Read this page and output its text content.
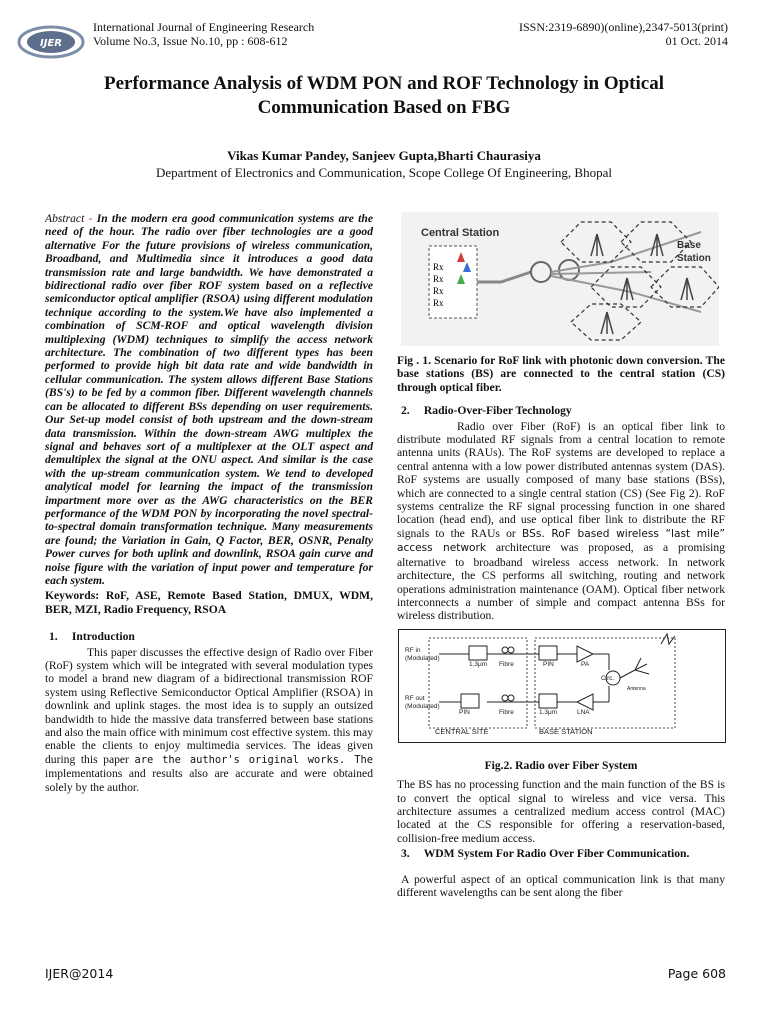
IJER
International Journal of Engineering Research
Volume No.3, Issue No.10, pp : 608-612
ISSN:2319-6890)(online),2347-5013(print)
01 Oct. 2014
Performance Analysis of WDM PON and ROF Technology in Optical Communication Based on FBG
Vikas Kumar Pandey, Sanjeev Gupta,Bharti Chaurasiya
Department of Electronics and Communication, Scope College Of Engineering, Bhopal

Abstract - In the modern era good communication systems are the need of the hour. The radio over fiber technologies are a good alternative For the future provisions of wireless communication, Broadband, and Multimedia since it introduces a good data transmission rate and large bandwidth. We have demonstrated a bidirectional radio over fiber ROF system based on a reflective semiconductor optical amplifier (RSOA) using different modulation technique according to the system.We have also implemented a combination of SCM-ROF and optical wavelength division multiplexing (WDM) techniques to simplify the access network architecture. The combination of two different types has been performed to provide high bit data rate and wide bandwidth in cellular communication. The system allows different Base Stations (BS's) to be fed by a common fiber. Different wavelength channels can be allocated to different BSs depending on user requirements. Our Set-up model consist of both upstream and the down-stream data transmission. Within the down-stream AWG multiplex the signal and behaves sort of a multiplexer at the OLT aspect and demultiplex the signal at the ONU aspect. And similar is the case with the up-stream communication system. We tend to developed analytical model for learning the impact of the transmission impartment more over as the AWG characteristics on the BER performance of the WDM PON by incorporating the novel spectral-to-spectral domain transformation technique. Many measurements are found; the Variation in Gain, Q Factor, BER, OSNR, Penalty Power curves for both uplink and downlink, RSOA gain curve and noise figure with the variation of input power and temperature for each system.

Keywords: RoF, ASE, Remote Based Station, DMUX, WDM, BER, MZI, Radio Frequency, RSOA

1. Introduction

This paper discusses the effective design of Radio over Fiber (RoF) system which will be integrated with several modulation types to model a brand new diagram of a bidirectional transmission ROF system using Reflective Semiconductor Optical Amplifier (RSOA) in downlink and uplink stages. the most idea is to supply an outsized bandwidth to hide the massive data transferred between base stations and also the main office with minimum cost effective system. this may enable the clients to enjoy multimedia services. The ideas given during this paper are the author's original works. The implementations and results also are accurate and were obtained solely by the author.

Central Station
Rx
Rx
Rx
Rx
Base
Station

Fig . 1. Scenario for RoF link with photonic down conversion. The base stations (BS) are connected to the central station (CS) through optical fiber.

2. Radio-Over-Fiber Technology

Radio over Fiber (RoF) is an optical fiber link to distribute modulated RF signals from a central location to remote antenna units (RAUs). The RoF systems are developed to replace a central antenna with a low power distributed antennas system (DAS). RoF systems are usually composed of many base stations (BSs), which are connected to a single central station (CS) (See Fig 2). RoF systems centralize the RF signal processing function in one shared location (head end), and use optical fiber link to distribute the RF signals to the RAUs or BSs. RoF based wireless “last mile” access network architecture was proposed, as a promising alternative to broadband wireless access network. In network architecture, the CS performs all switching, routing and network operations administration maintenance (OAM). Optical fiber network interconnects a number of simple and compact antenna BSs for wireless distribution.

RF in
(Modulated)
RF out
(Modulated)
Fibre
Fibre
1.3μm
1.3μm
PIN
PIN
PA
LNA
Circ.
Antenna
CENTRAL SITE	BASE STATION

Fig.2. Radio over Fiber System

The BS has no processing function and the main function of the BS is to convert the optical signal to wireless and vice versa. This architecture assumes a centralized medium access control (MAC) located at the CS responsible for offering a reservation-based, collision-free medium access.

3. WDM System For Radio Over Fiber Communication.

A powerful aspect of an optical communication link is that many different wavelengths can be sent along the fiber

IJER@2014	Page 608
